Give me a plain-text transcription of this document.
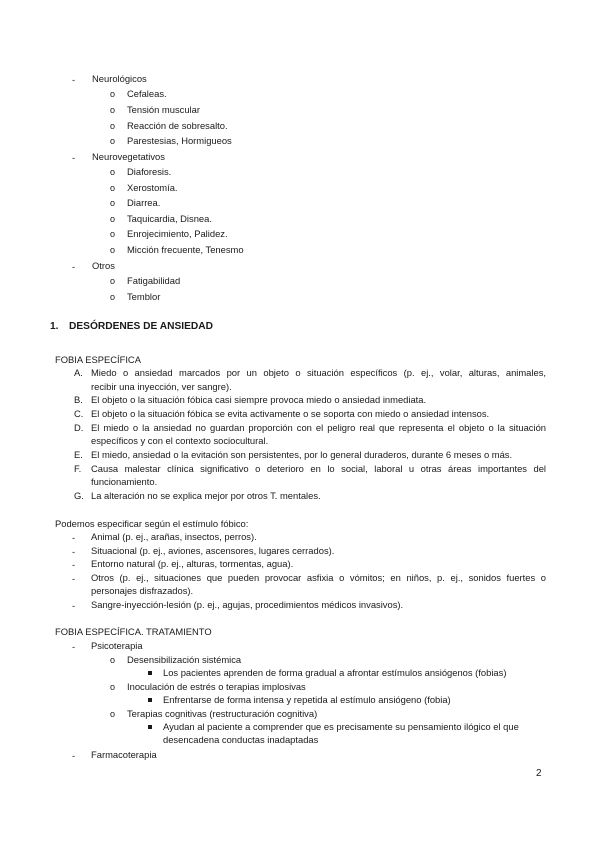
- Neurológicos
o Cefaleas.
o Tensión muscular
o Reacción de sobresalto.
o Parestesias, Hormigueos
- Neurovegetativos
o Diaforesis.
o Xerostomía.
o Diarrea.
o Taquicardia, Disnea.
o Enrojecimiento, Palidez.
o Micción frecuente, Tenesmo
- Otros
o Fatigabilidad
o Temblor
1. DESÓRDENES DE ANSIEDAD
FOBIA ESPECÍFICA
A. Miedo o ansiedad marcados por un objeto o situación específicos (p. ej., volar, alturas, animales,
recibir una inyección, ver sangre).
B. El objeto o la situación fóbica casi siempre provoca miedo o ansiedad inmediata.
C. El objeto o la situación fóbica se evita activamente o se soporta con miedo o ansiedad intensos.
D. El miedo o la ansiedad no guardan proporción con el peligro real que representa el objeto o la situación
específicos y con el contexto sociocultural.
E. El miedo, ansiedad o la evitación son persistentes, por lo general duraderos, durante 6 meses o más.
F. Causa malestar clínica significativo o deterioro en lo social, laboral u otras áreas importantes del
funcionamiento.
G. La alteración no se explica mejor por otros T. mentales.
Podemos especificar según el estímulo fóbico:
- Animal (p. ej., arañas, insectos, perros).
- Situacional (p. ej., aviones, ascensores, lugares cerrados).
- Entorno natural (p. ej., alturas, tormentas, agua).
- Otros (p. ej., situaciones que pueden provocar asfixia o vómitos; en niños, p. ej., sonidos fuertes o
personajes disfrazados).
- Sangre-inyección-lesión (p. ej., agujas, procedimientos médicos invasivos).
FOBIA ESPECÍFICA. TRATAMIENTO
- Psicoterapia
o Desensibilización sistémica
Los pacientes aprenden de forma gradual a afrontar estímulos ansiógenos (fobias)
o Inoculación de estrés o terapias implosivas
Enfrentarse de forma intensa y repetida al estímulo ansiógeno (fobia)
o Terapias cognitivas (restructuración cognitiva)
Ayudan al paciente a comprender que es precisamente su pensamiento ilógico el que
desencadena conductas inadaptadas
- Farmacoterapia
2
